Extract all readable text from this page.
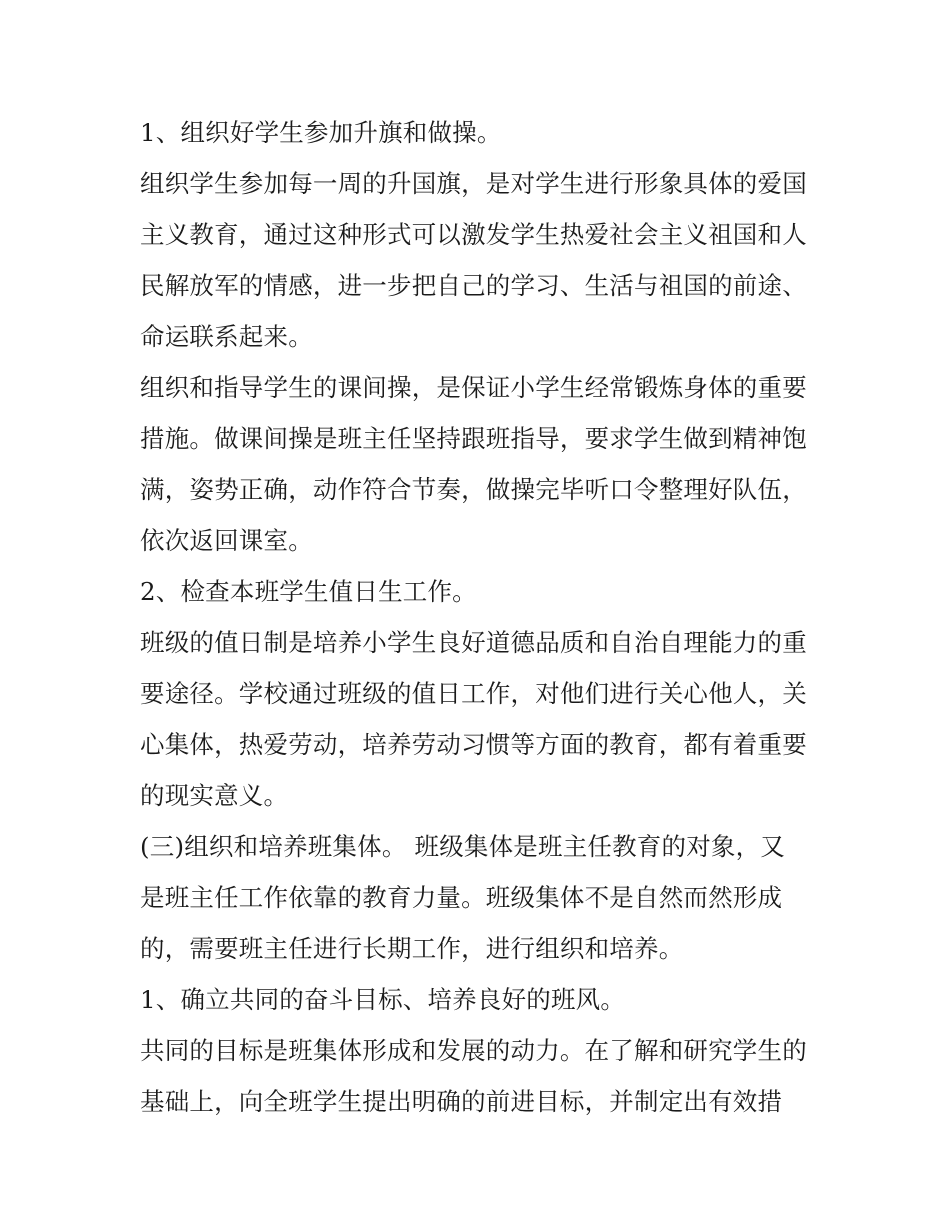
1、组织好学生参加升旗和做操。
组织学生参加每一周的升国旗，是对学生进行形象具体的爱国
主义教育，通过这种形式可以激发学生热爱社会主义祖国和人
民解放军的情感，进一步把自己的学习、生活与祖国的前途、
命运联系起来。
组织和指导学生的课间操，是保证小学生经常锻炼身体的重要
措施。做课间操是班主任坚持跟班指导，要求学生做到精神饱
满，姿势正确，动作符合节奏，做操完毕听口令整理好队伍，
依次返回课室。
2、检查本班学生值日生工作。
班级的值日制是培养小学生良好道德品质和自治自理能力的重
要途径。学校通过班级的值日工作，对他们进行关心他人，关
心集体，热爱劳动，培养劳动习惯等方面的教育，都有着重要
的现实意义。
(三)组织和培养班集体。 班级集体是班主任教育的对象，又
是班主任工作依靠的教育力量。班级集体不是自然而然形成
的，需要班主任进行长期工作，进行组织和培养。
1、确立共同的奋斗目标、培养良好的班风。
共同的目标是班集体形成和发展的动力。在了解和研究学生的
基础上，向全班学生提出明确的前进目标，并制定出有效措
